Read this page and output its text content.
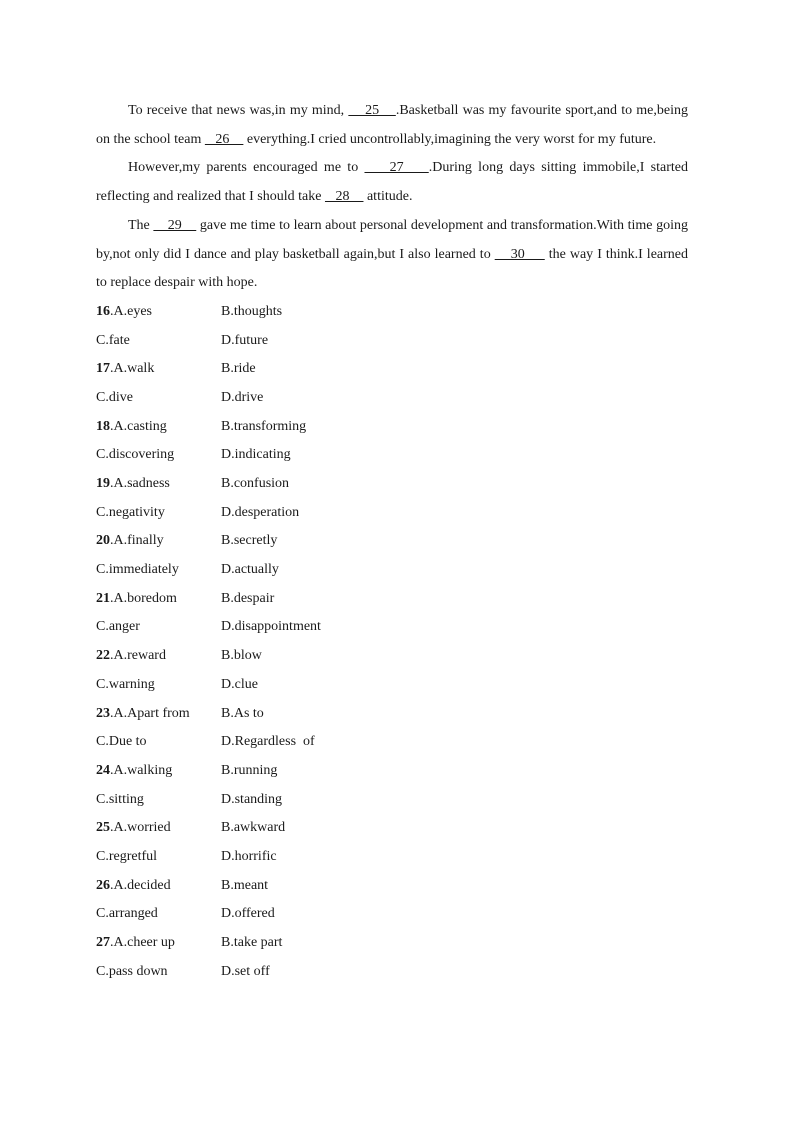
To receive that news was,in my mind,     25    .Basketball was my favourite sport,and to me,being on the school team    26     everything.I cried uncontrollably,imagining the very worst for my future.

However,my parents encouraged me to     27    .During long days sitting immobile,I started reflecting and realized that I should take    28     attitude.

The     29     gave me time to learn about personal development and transformation.With time going by,not only did I dance and play basketball again,but I also learned to     30      the way I think.I learned to replace despair with hope.

16.A.eyes	B.thoughts
C.fate	D.future
17.A.walk	B.ride
C.dive	D.drive
18.A.casting	B.transforming
C.discovering	D.indicating
19.A.sadness	B.confusion
C.negativity	D.desperation
20.A.finally	B.secretly
C.immediately	D.actually
21.A.boredom	B.despair
C.anger	D.disappointment
22.A.reward	B.blow
C.warning	D.clue
23.A.Apart from	B.As to
C.Due to	D.Regardless  of
24.A.walking	B.running
C.sitting	D.standing
25.A.worried	B.awkward
C.regretful	D.horrific
26.A.decided	B.meant
C.arranged	D.offered
27.A.cheer up	B.take part
C.pass down	D.set off
